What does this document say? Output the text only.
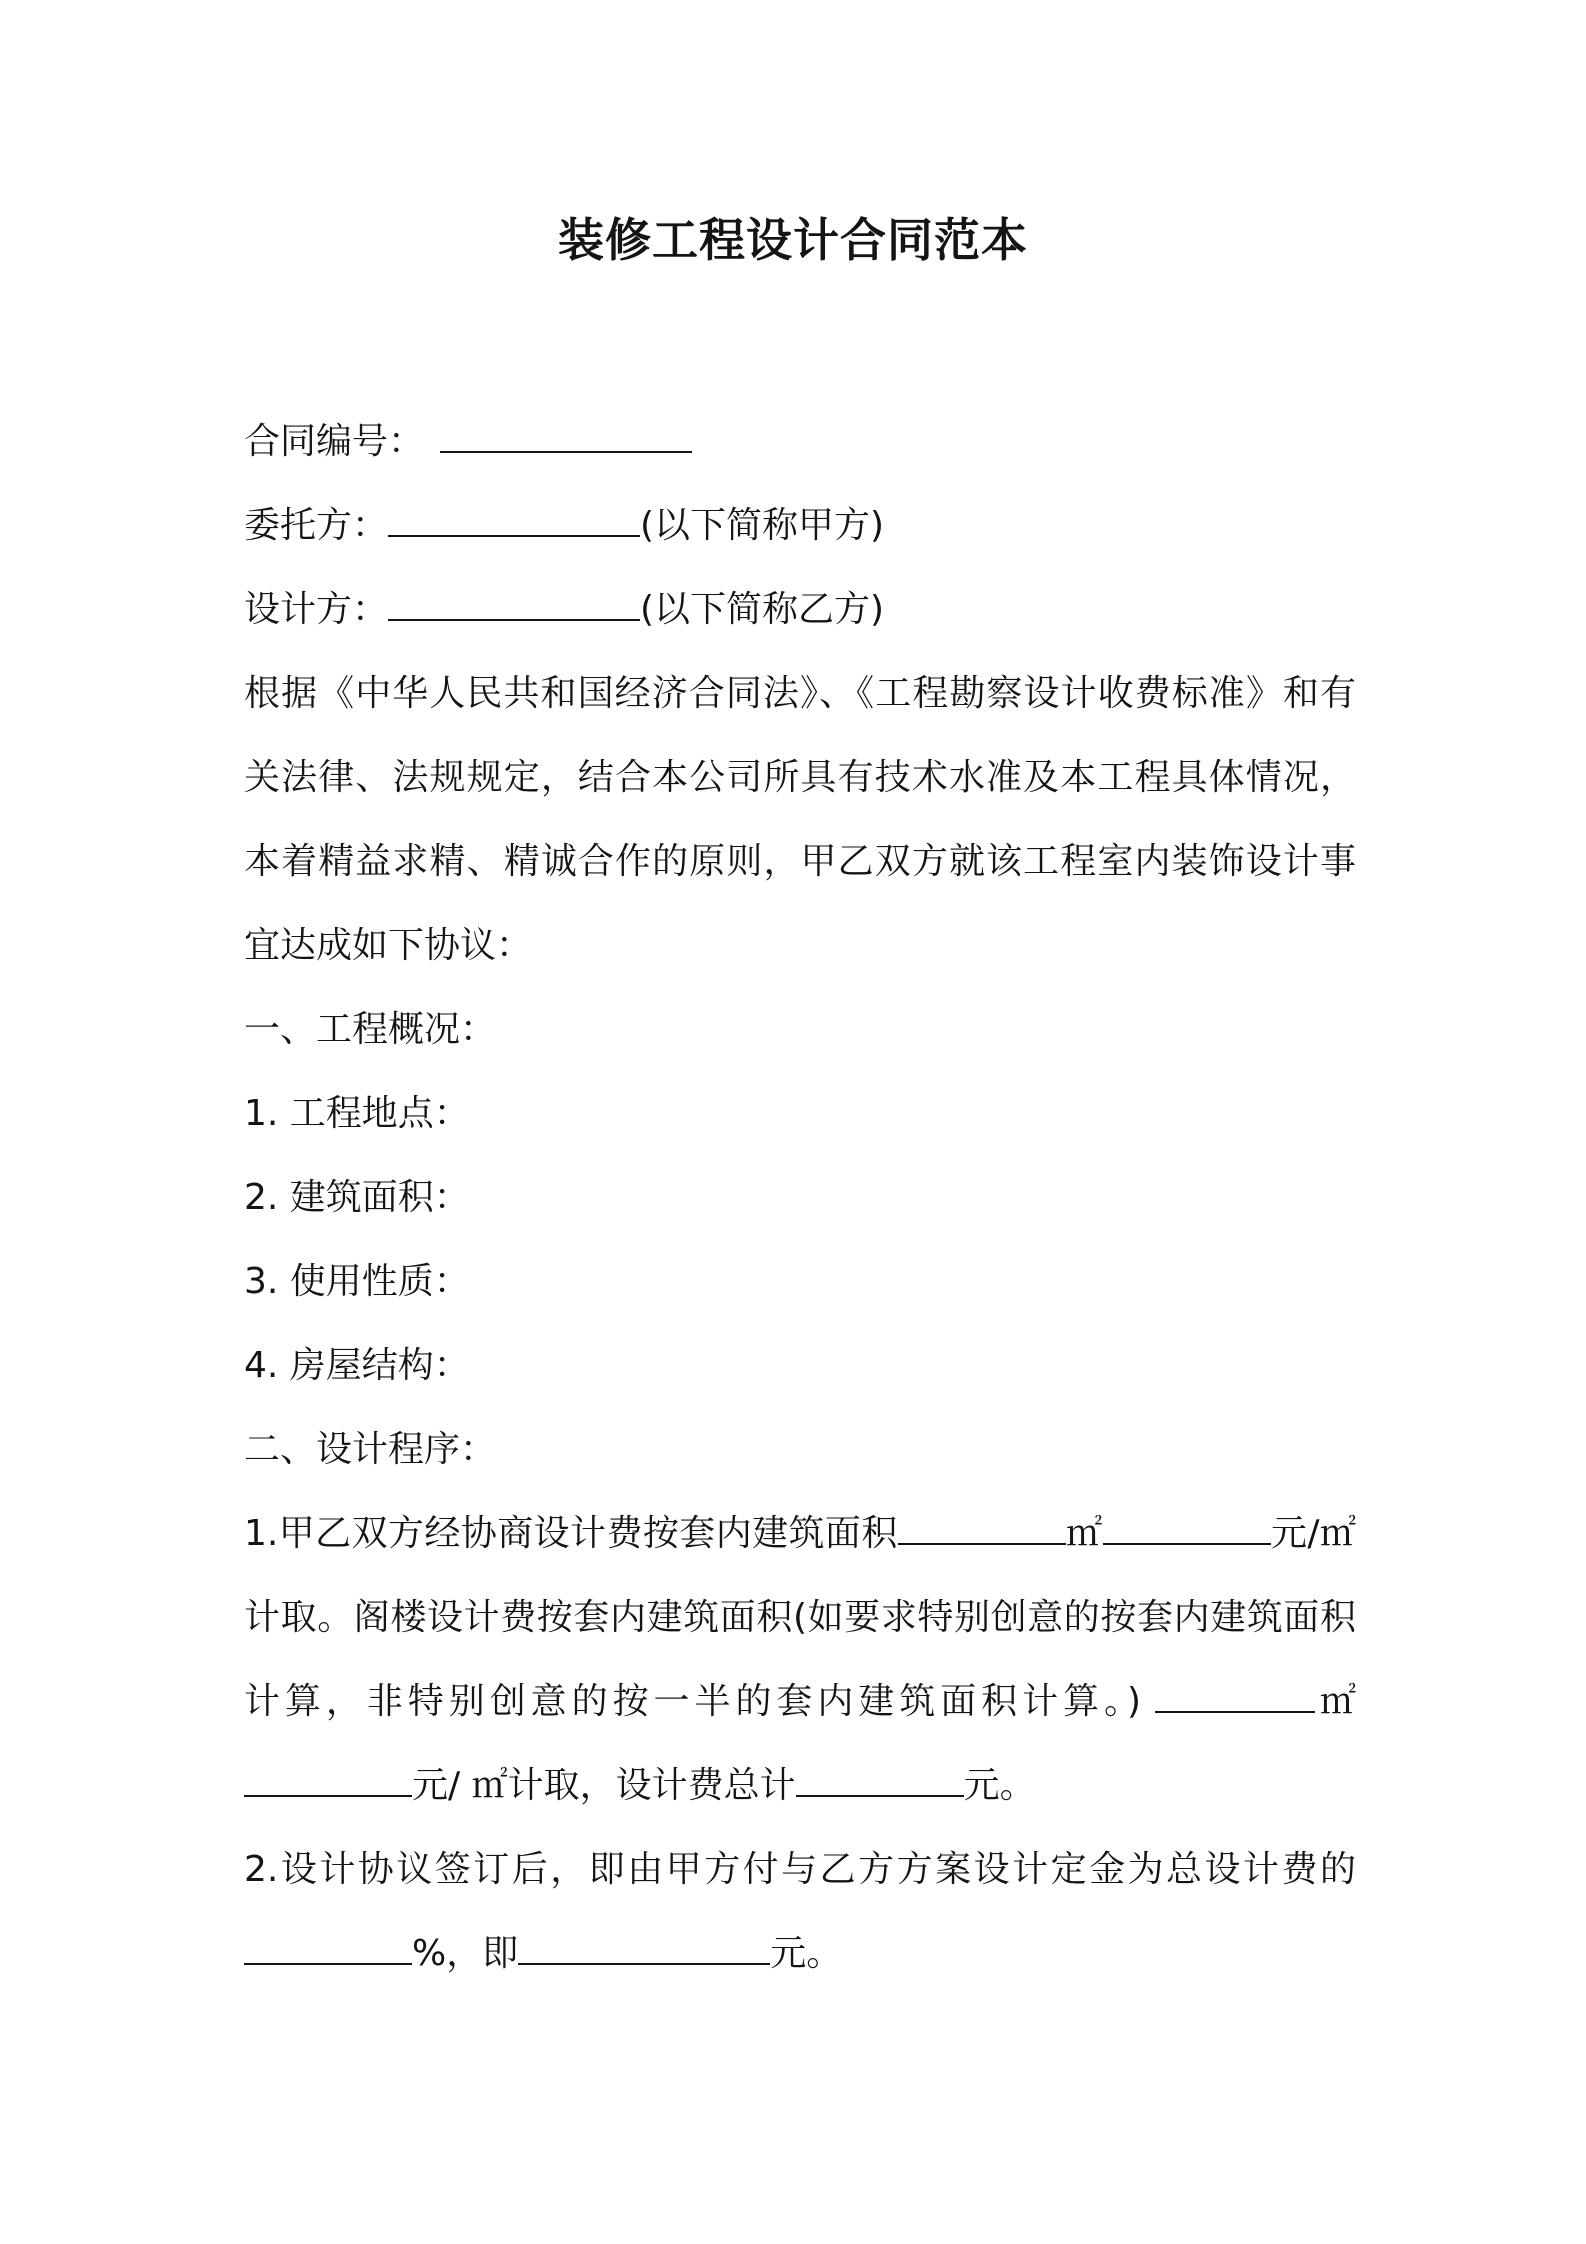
装修工程设计合同范本
合同编号：
委托方：	(以下简称甲方)
设计方：	(以下简称乙方)
根据《中华人民共和国经济合同法》、《工程勘察设计收费标准》和有关法律、法规规定，结合本公司所具有技术水准及本工程具体情况，本着精益求精、精诚合作的原则，甲乙双方就该工程室内装饰设计事宜达成如下协议：
一、工程概况：
1. 工程地点：
2. 建筑面积：
3. 使用性质：
4. 房屋结构：
二、设计程序：
1.甲乙双方经协商设计费按套内建筑面积	㎡	元/㎡计取。阁楼设计费按套内建筑面积(如要求特别创意的按套内建筑面积计算，非特别创意的按一半的套内建筑面积计算。)	㎡元/ ㎡计取，设计费总计	元。
2.设计协议签订后，即由甲方付与乙方方案设计定金为总设计费的%，即	元。
